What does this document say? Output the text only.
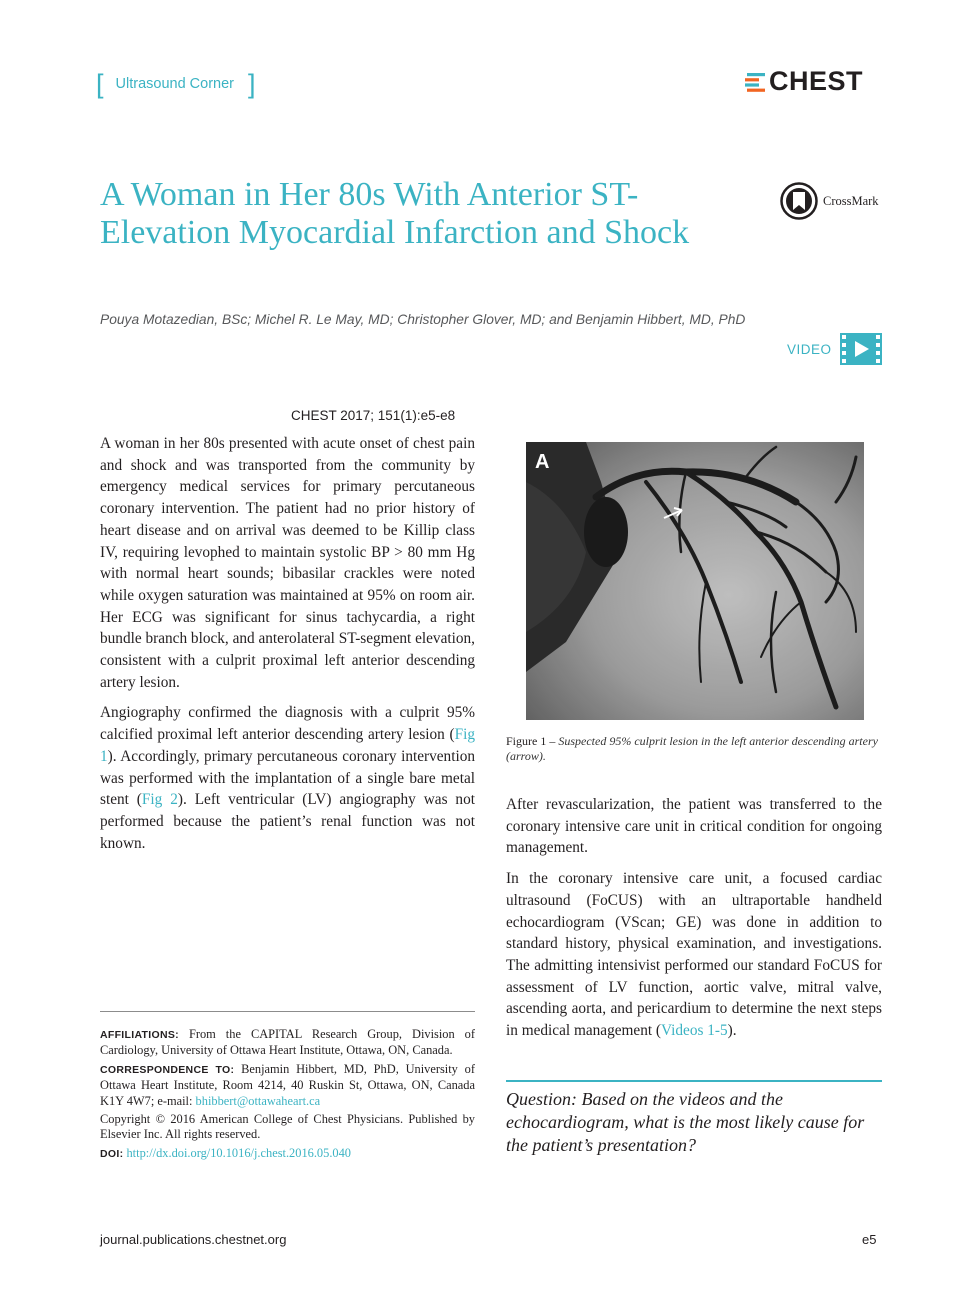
[ Ultrasound Corner ]	CHEST
A Woman in Her 80s With Anterior ST-Elevation Myocardial Infarction and Shock
CrossMark
Pouya Motazedian, BSc; Michel R. Le May, MD; Christopher Glover, MD; and Benjamin Hibbert, MD, PhD
VIDEO
CHEST 2017; 151(1):e5-e8

A woman in her 80s presented with acute onset of chest pain and shock and was transported from the community by emergency medical services for primary percutaneous coronary intervention. The patient had no prior history of heart disease and on arrival was deemed to be Killip class IV, requiring levophed to maintain systolic BP > 80 mm Hg with normal heart sounds; bibasilar crackles were noted while oxygen saturation was maintained at 95% on room air. Her ECG was significant for sinus tachycardia, a right bundle branch block, and anterolateral ST-segment elevation, consistent with a culprit proximal left anterior descending artery lesion.

Angiography confirmed the diagnosis with a culprit 95% calcified proximal left anterior descending artery lesion (Fig 1). Accordingly, primary percutaneous coronary intervention was performed with the implantation of a single bare metal stent (Fig 2). Left ventricular (LV) angiography was not performed because the patient’s renal function was not known.

A
Figure 1 – Suspected 95% culprit lesion in the left anterior descending artery (arrow).

After revascularization, the patient was transferred to the coronary intensive care unit in critical condition for ongoing management.

In the coronary intensive care unit, a focused cardiac ultrasound (FoCUS) with an ultraportable handheld echocardiogram (VScan; GE) was done in addition to standard history, physical examination, and investigations. The admitting intensivist performed our standard FoCUS for assessment of LV function, aortic valve, mitral valve, ascending aorta, and pericardium to determine the next steps in medical management (Videos 1-5).

AFFILIATIONS: From the CAPITAL Research Group, Division of Cardiology, University of Ottawa Heart Institute, Ottawa, ON, Canada.

CORRESPONDENCE TO: Benjamin Hibbert, MD, PhD, University of Ottawa Heart Institute, Room 4214, 40 Ruskin St, Ottawa, ON, Canada K1Y 4W7; e-mail: bhibbert@ottawaheart.ca

Copyright © 2016 American College of Chest Physicians. Published by Elsevier Inc. All rights reserved.

DOI: http://dx.doi.org/10.1016/j.chest.2016.05.040

Question: Based on the videos and the echocardiogram, what is the most likely cause for the patient’s presentation?
journal.publications.chestnet.org	e5
